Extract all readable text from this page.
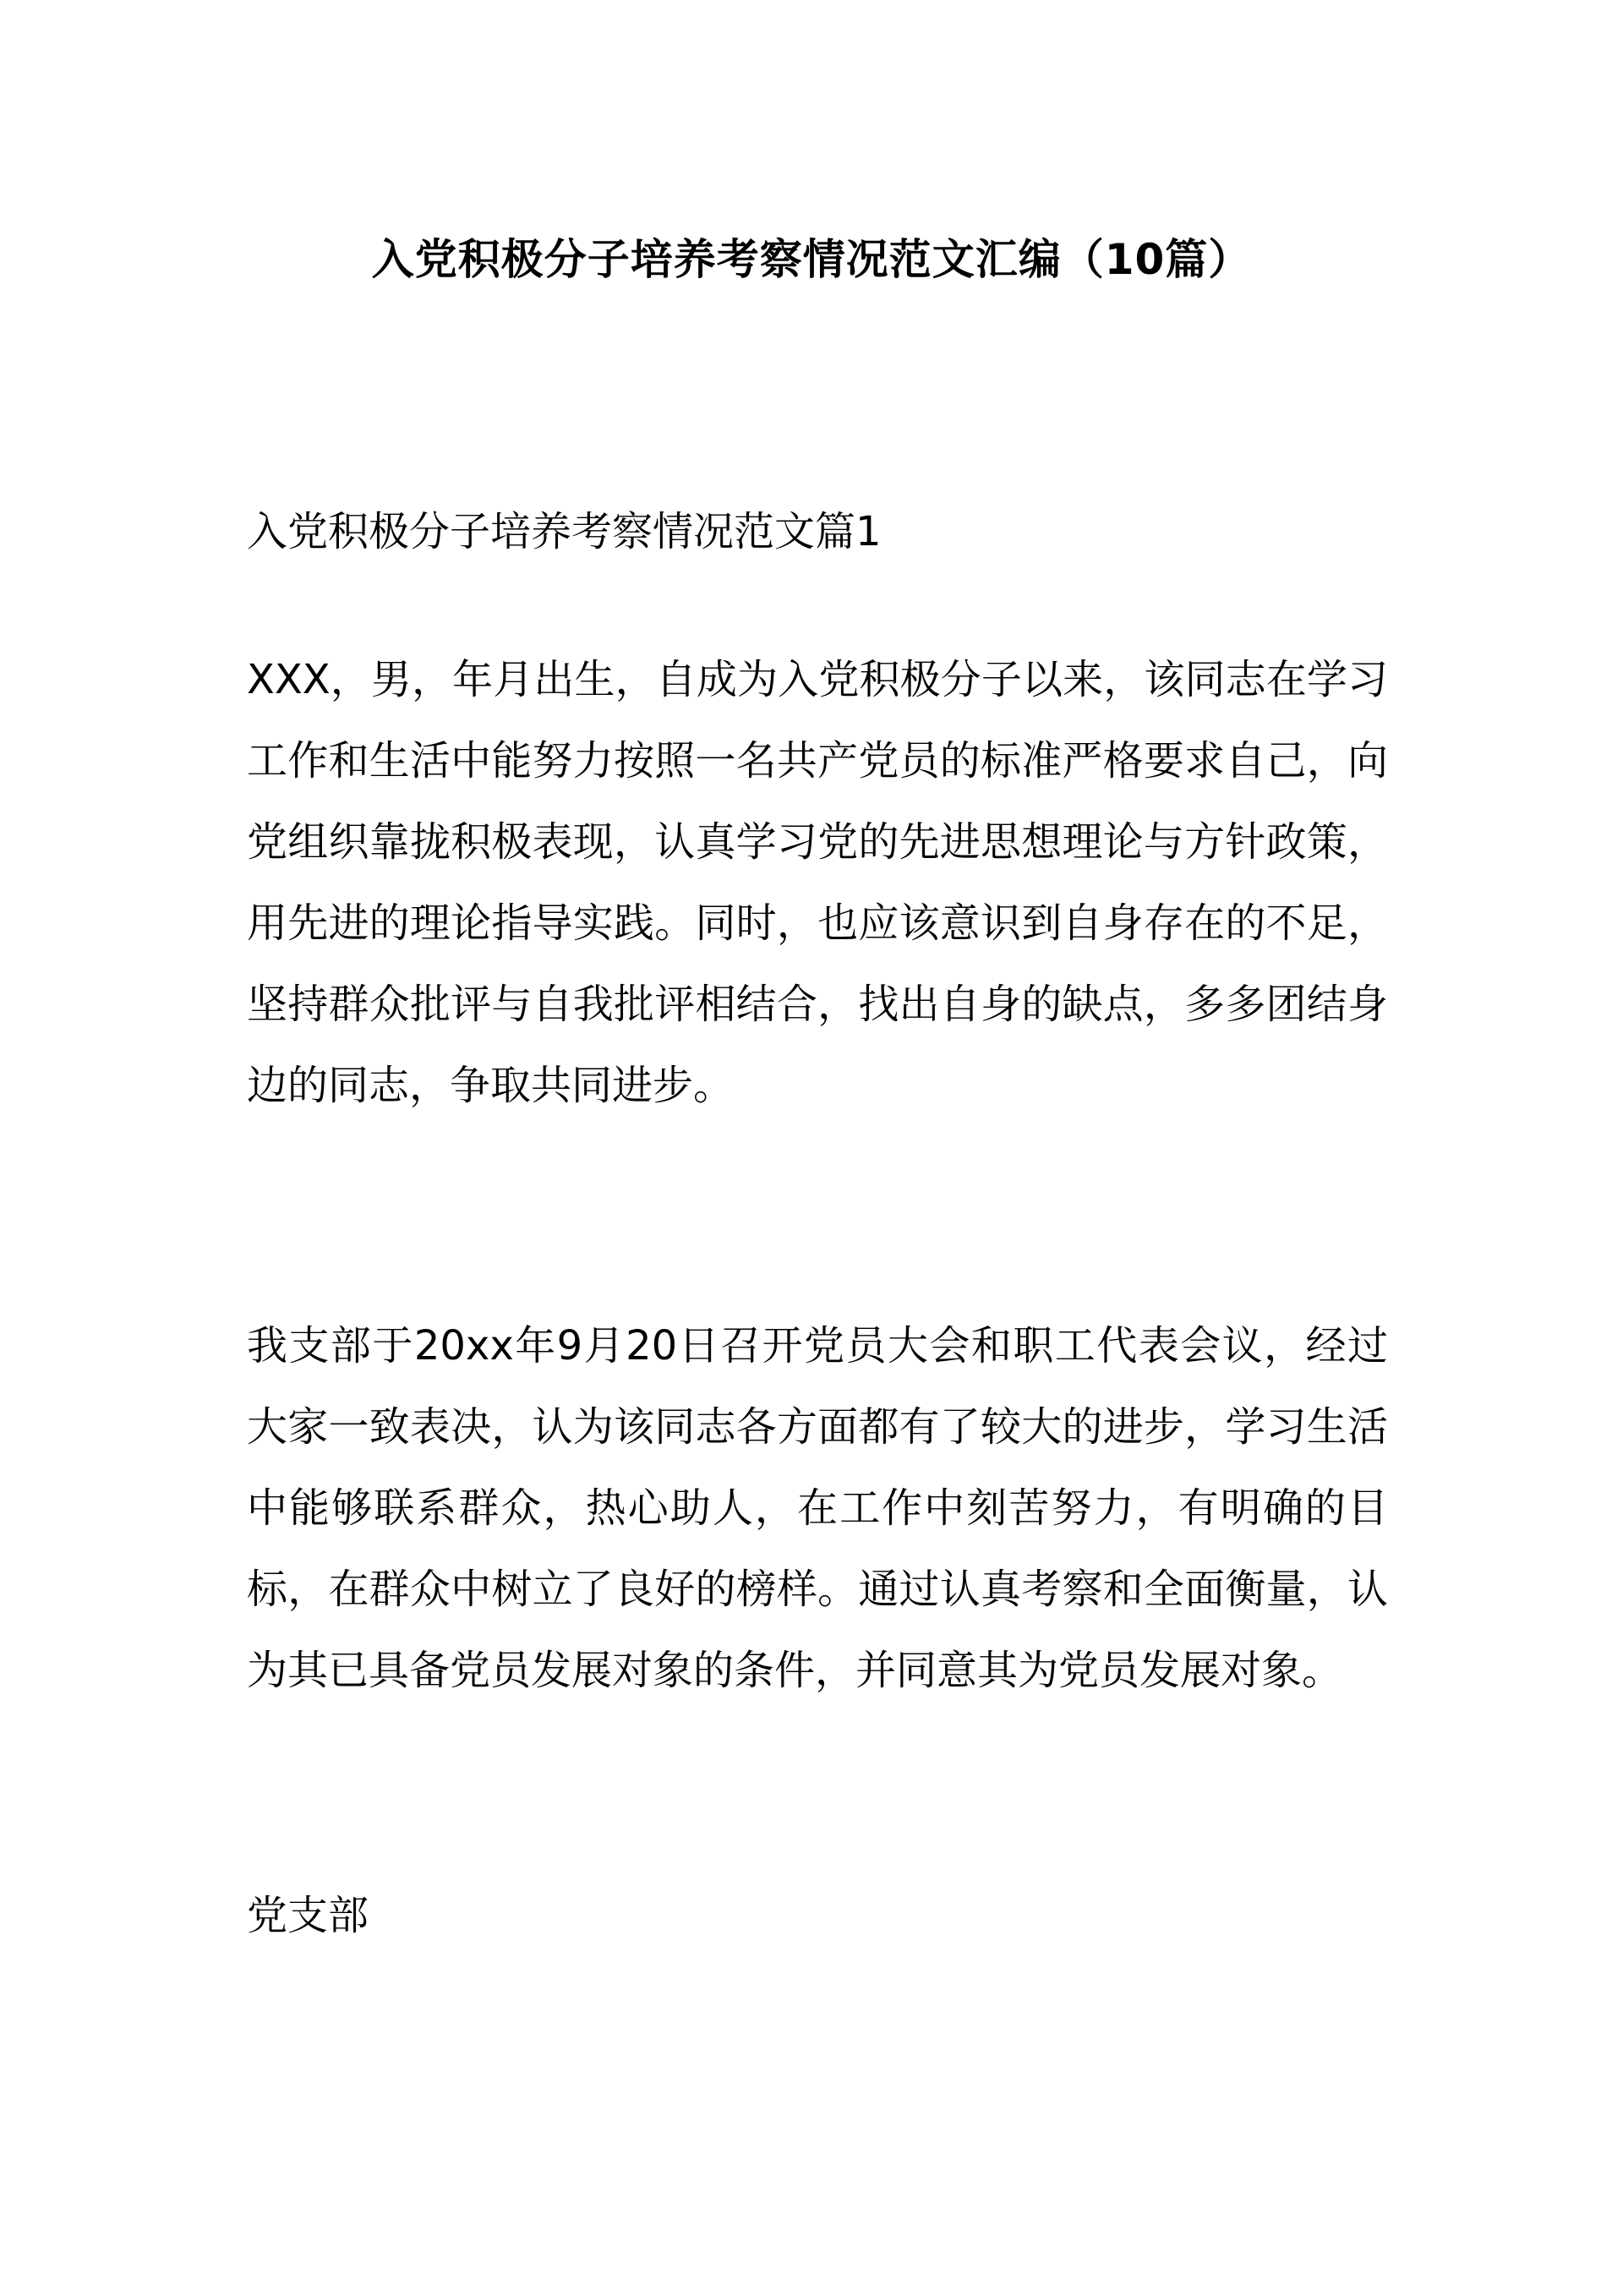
入党积极分子培养考察情况范文汇编（10篇）

入党积极分子培养考察情况范文篇1

XXX，男，年月出生，自成为入党积极分子以来，该同志在学习工作和生活中能努力按照一名共产党员的标准严格要求自己，向党组织靠拢积极表现，认真学习党的先进思想理论与方针政策，用先进的理论指导实践。同时，也应该意识到自身存在的不足，坚持群众批评与自我批评相结合，找出自身的缺点，多多团结身边的同志，争取共同进步。

我支部于20xx年9月20日召开党员大会和职工代表会议，经过大家一致表决，认为该同志各方面都有了较大的进步，学习生活中能够联系群众，热心助人，在工作中刻苦努力，有明确的目标，在群众中树立了良好的榜样。通过认真考察和全面衡量，认为其已具备党员发展对象的条件，并同意其为党员发展对象。

党支部
